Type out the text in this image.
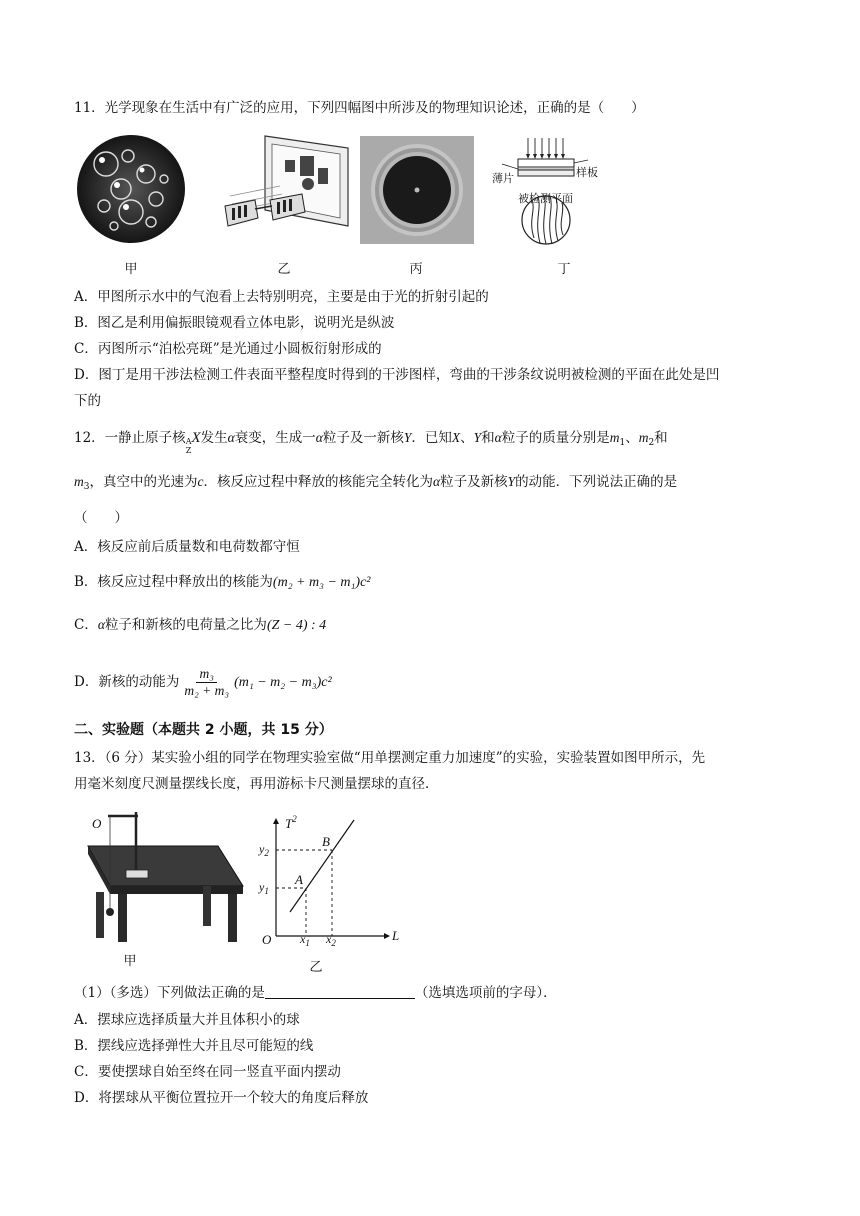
11．光学现象在生活中有广泛的应用，下列四幅图中所涉及的物理知识论述，正确的是（　　）
甲	乙	丙
薄片	样板
被检测平面
丁
A．甲图所示水中的气泡看上去特别明亮，主要是由于光的折射引起的
B．图乙是利用偏振眼镜观看立体电影，说明光是纵波
C．丙图所示“泊松亮斑”是光通过小圆板衍射形成的
D．图丁是用干涉法检测工件表面平整程度时得到的干涉图样，弯曲的干涉条纹说明被检测的平面在此处是凹
下的
12．一静止原子核 A
Z
X发生α衰变，生成一α粒子及一新核Y．已知X、Y和α粒子的质量分别是$m_1$、$m_2$和
$m_3$，真空中的光速为c．核反应过程中释放的核能完全转化为α粒子及新核Y的动能．下列说法正确的是
（　　）
A．核反应前后质量数和电荷数都守恒
B．核反应过程中释放出的核能为(m₂ + m₃ − m₁)c²
C．α粒子和新核的电荷量之比为(Z − 4) : 4
D．新核的动能为 $\frac{\text{m₃}}{\text{m₂ + m₃}} (m_1 - m_2 - m_3)c^2$
二、实验题（本题共 2 小题，共 15 分）
13．（6 分）某实验小组的同学在物理实验室做“用单摆测定重力加速度”的实验，实验装置如图甲所示，先
用毫米刻度尺测量摆线长度，再用游标卡尺测量摆球的直径．
O
甲
$T^2$
L
O
A
B
$y_2$
$y_1$
$x_1$ $x_2$
乙
（1）（多选）下列做法正确的是	（选填选项前的字母）．
A．摆球应选择质量大并且体积小的球
B．摆线应选择弹性大并且尽可能短的线
C．要使摆球自始至终在同一竖直平面内摆动
D．将摆球从平衡位置拉开一个较大的角度后释放
